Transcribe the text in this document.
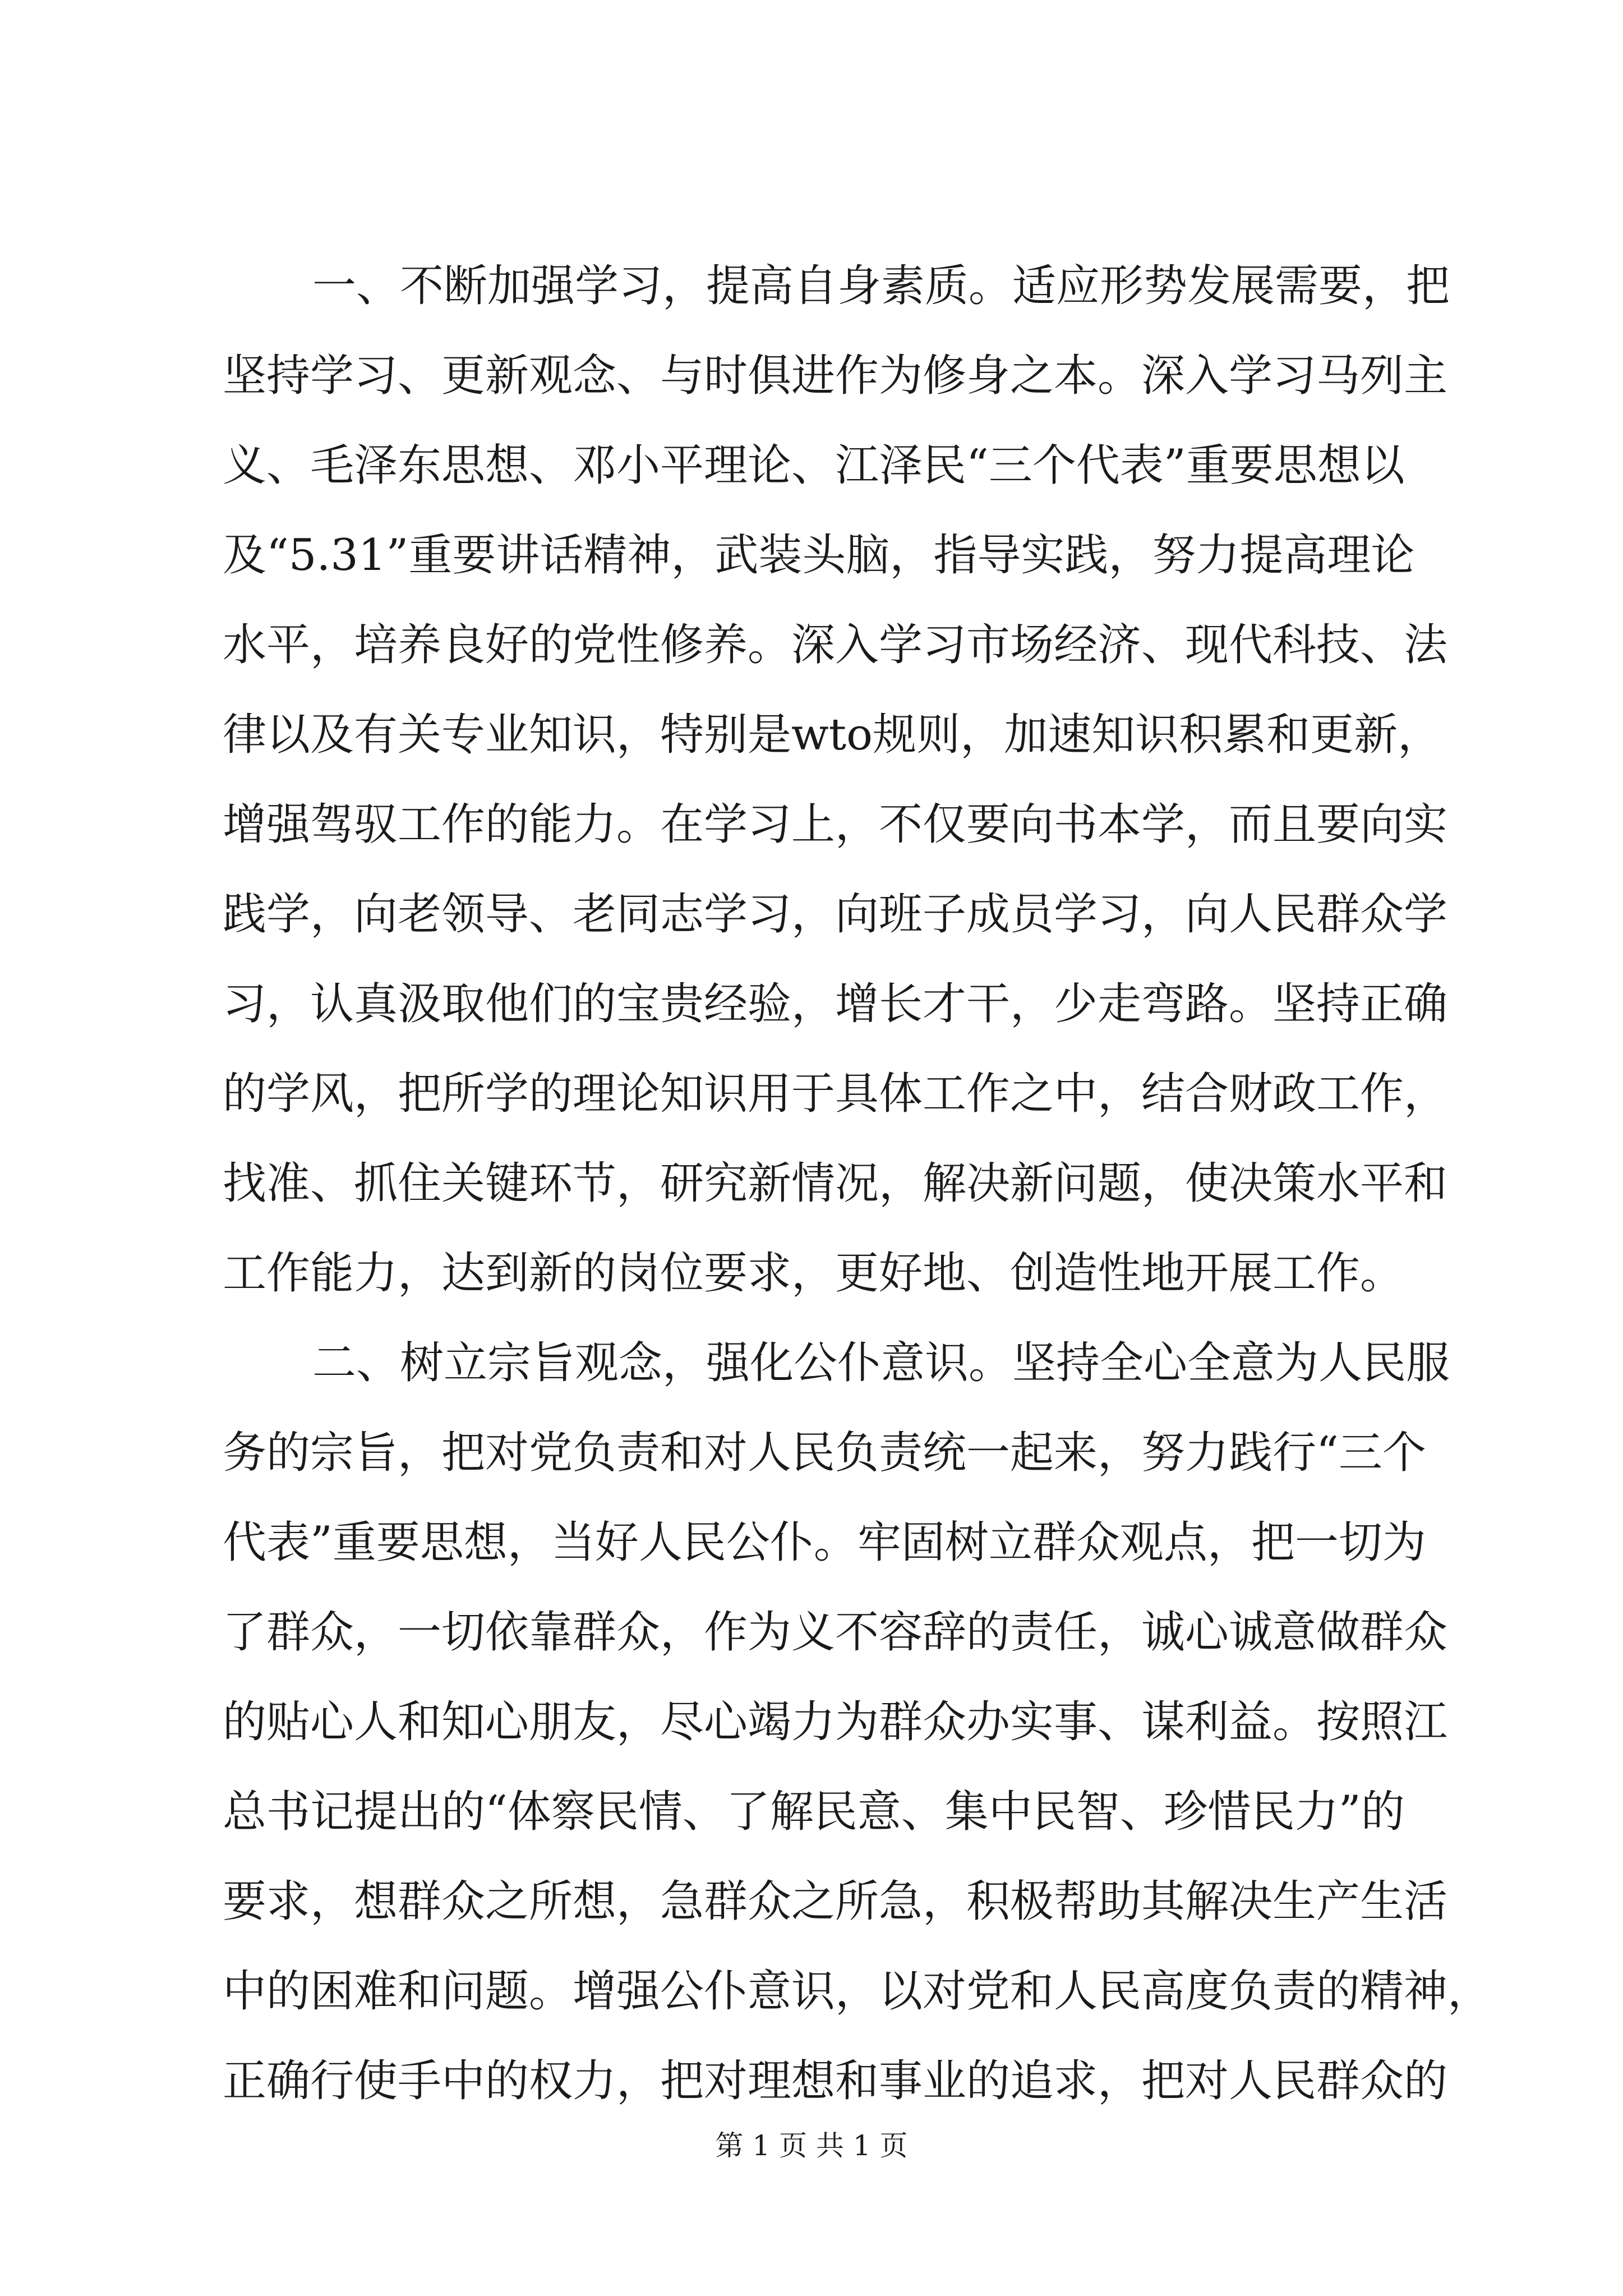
一、不断加强学习，提高自身素质。适应形势发展需要，把
坚持学习、更新观念、与时俱进作为修身之本。深入学习马列主
义、毛泽东思想、邓小平理论、江泽民“三个代表”重要思想以
及“5.31”重要讲话精神，武装头脑，指导实践，努力提高理论
水平，培养良好的党性修养。深入学习市场经济、现代科技、法
律以及有关专业知识，特别是wto规则，加速知识积累和更新，
增强驾驭工作的能力。在学习上，不仅要向书本学，而且要向实
践学，向老领导、老同志学习，向班子成员学习，向人民群众学
习，认真汲取他们的宝贵经验，增长才干，少走弯路。坚持正确
的学风，把所学的理论知识用于具体工作之中，结合财政工作，
找准、抓住关键环节，研究新情况，解决新问题，使决策水平和
工作能力，达到新的岗位要求，更好地、创造性地开展工作。
二、树立宗旨观念，强化公仆意识。坚持全心全意为人民服
务的宗旨，把对党负责和对人民负责统一起来，努力践行“三个
代表”重要思想，当好人民公仆。牢固树立群众观点，把一切为
了群众，一切依靠群众，作为义不容辞的责任，诚心诚意做群众
的贴心人和知心朋友，尽心竭力为群众办实事、谋利益。按照江
总书记提出的“体察民情、了解民意、集中民智、珍惜民力”的
要求，想群众之所想，急群众之所急，积极帮助其解决生产生活
中的困难和问题。增强公仆意识，以对党和人民高度负责的精神，
正确行使手中的权力，把对理想和事业的追求，把对人民群众的
第 1 页 共 1 页
